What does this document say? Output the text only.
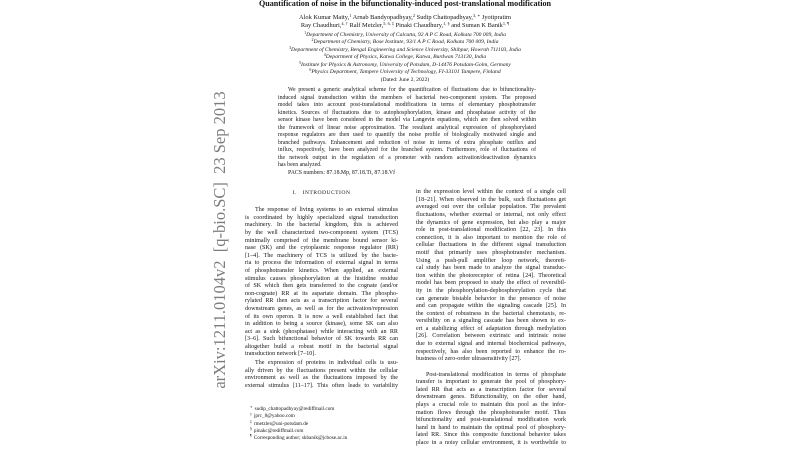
arXiv:1211.0104v2  [q-bio.SC]  23 Sep 2013
Quantification of noise in the bifunctionality-induced post-translational modification
Alok Kumar Maity,$^1$ Arnab Bandyopadhyay,$^2$ Sudip Chattopadhyay,$^{3, ∗}$ Jyotipratim
Ray Chaudhuri,$^{4, \dagger}$ Ralf Metzler,$^{5, 6, \ddagger}$ Pinaki Chaudhury,$^{1, \S}$ and Suman K Banik$^{1, \P}$
$^1$Department of Chemistry, University of Calcutta, 92 A P C Road, Kolkata 700 009, India
$^2$Department of Chemistry, Bose Institute, 93/1 A P C Road, Kolkata 700 009, India
$^3$Department of Chemistry, Bengal Engineering and Science University, Shibpur, Howrah 711103, India
$^4$Department of Physics, Katwa College, Katwa, Burdwan 713130, India
$^5$Institute for Physics & Astronomy, University of Potsdam, D-14476 Potsdam-Golm, Germany
$^6$Physics Department, Tampere University of Technology, FI-33101 Tampere, Finland
(Dated: June 2, 2022)
We present a generic analytical scheme for the quantification of fluctuations due to bifunctionality-
induced signal transduction within the members of bacterial two-component system. The proposed
model takes into account post-translational modifications in terms of elementary phosphotransfer
kinetics. Sources of fluctuations due to autophosphorylation, kinase and phosphatase activity of the
sensor kinase have been considered in the model via Langevin equations, which are then solved within
the framework of linear noise approximation. The resultant analytical expression of phosphorylated
response regulators are then used to quantify the noise profile of biologically motivated single and
branched pathways. Enhancement and reduction of noise in terms of extra phosphate outflux and
influx, respectively, have been analyzed for the branched system. Furthermore, role of fluctuations of
the network output in the regulation of a promoter with random activation/deactivation dynamics
has been analyzed.
PACS numbers: 87.18.Mp, 87.18.Tt, 87.18.Vf
I. INTRODUCTION
The response of living systems to an external stimulus
is coordinated by highly specialized signal transduction
machinery. In the bacterial kingdom, this is achieved
by the well characterized two-component system (TCS)
minimally comprised of the membrane bound sensor ki-
nase (SK) and the cytoplasmic response regulator (RR)
[1–4]. The machinery of TCS is utilized by the bacte-
ria to process the information of external signal in terms
of phosphotransfer kinetics. When applied, an external
stimulus causes phosphorylation at the histidine residue
of SK which then gets transferred to the cognate (and/or
non-cognate) RR at its aspartate domain. The phospho-
rylated RR then acts as a transcription factor for several
downstream genes, as well as for the activation/repression
of its own operon. It is now a well established fact that
in addition to being a source (kinase), some SK can also
act as a sink (phosphatase) while interacting with an RR
[3–6]. Such bifunctional behavior of SK towards RR can
altogether build a robust motif in the bacterial signal
transduction network [7–10].
The expression of proteins in individual cells is usu-
ally driven by the fluctuations present within the cellular
environment as well as the fluctuations imposed by the
external stimulus [11–17]. This often leads to variability
∗ sudip_chattopadhyay@rediffmail.com
† jprc_8@yahoo.com
‡ rmetzler@uni-potsdam.de
§ pinakc@rediffmail.com
¶ Corresponding author; skbanik@jcbose.ac.in
in the expression level within the context of a single cell
[18–21]. When observed in the bulk, such fluctuations get
averaged out over the cellular population. The prevalent
fluctuations, whether external or internal, not only effect
the dynamics of gene expression, but also play a major
role in post-translational modification [22, 23]. In this
connection, it is also important to mention the role of
cellular fluctuations in the different signal transduction
motif that primarily uses phosphotransfer mechanism.
Using a push-pull amplifier loop network, theoreti-
cal study has been made to analyze the signal transduc-
tion within the photoreceptor of retina [24]. Theoretical
model has been proposed to study the effect of reversibil-
ity in the phosphorylation-dephosphorylation cycle that
can generate bistable behavior in the presence of noise
and can propagate within the signaling cascade [25]. In
the context of robustness in the bacterial chemotaxis, re-
versibility on a signaling cascade has been shown to ex-
ert a stabilizing effect of adaptation through methylation
[26]. Correlation between extrinsic and intrinsic noise
due to external signal and internal biochemical pathways,
respectively, has also been reported to enhance the ro-
bustness of zero-order ultrasensitivity [27].
Post-translational modification in terms of phosphate
transfer is important to generate the pool of phosphory-
lated RR that acts as a transcription factor for several
downstream genes. Bifunctionality, on the other hand,
plays a crucial role to maintain this pool as the infor-
mation flows through the phosphotransfer motif. Thus
bifunctionality and post-translational modification work
hand in hand to maintain the optimal pool of phosphory-
lated RR. Since this composite functional behavior takes
place in a noisy cellular environment, it is worthwhile to
